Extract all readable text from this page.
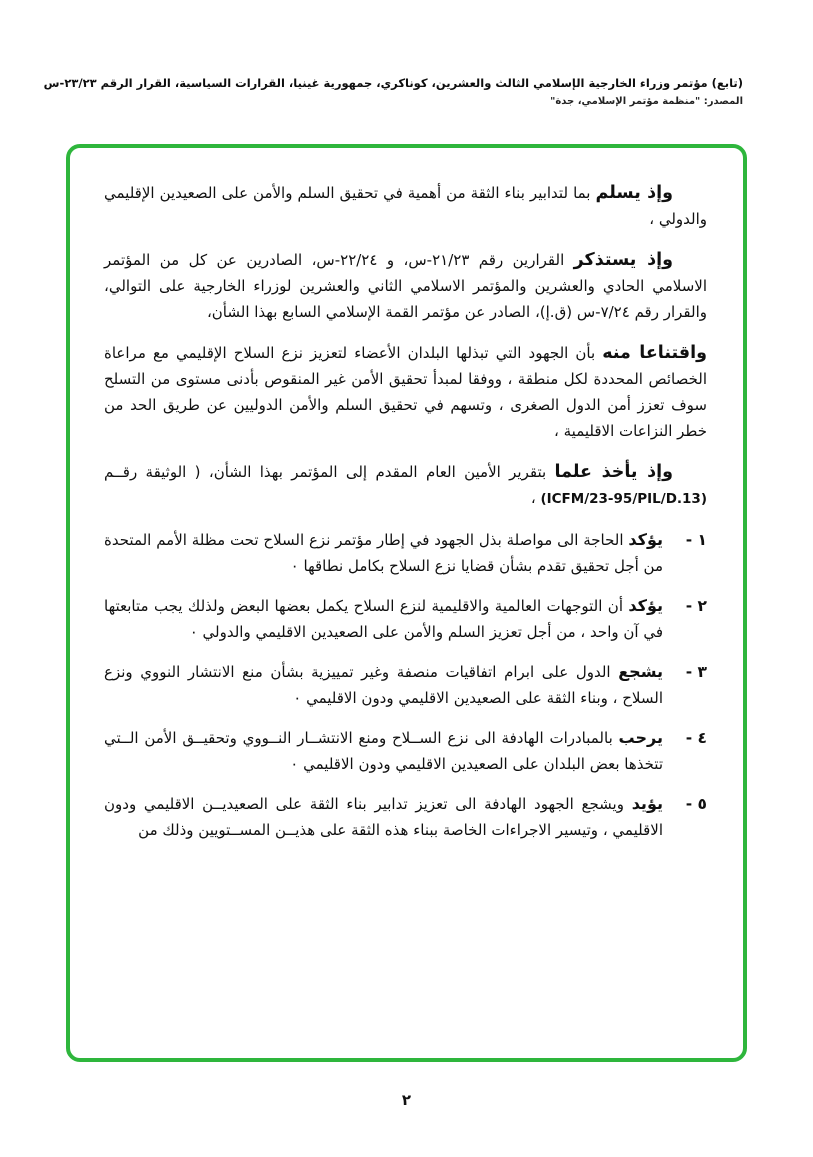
(تابع) مؤتمر وزراء الخارجية الإسلامي الثالث والعشرين، كوناكري، جمهورية غينيا، القرارات السياسية، القرار الرقم ٢٣/٢٣-س
المصدر: "منظمة مؤتمر الإسلامي، جدة"

وإذ يسلم بما لتدابير بناء الثقة من أهمية في تحقيق السلم والأمن على الصعيدين الإقليمي والدولي ،

وإذ يستذكر القرارين رقم ٢١/٢٣-س، و ٢٢/٢٤-س، الصادرين عن كل من المؤتمر الاسلامي الحادي والعشرين والمؤتمر الاسلامي الثاني والعشرين لوزراء الخارجية على التوالي، والقرار رقم ٧/٢٤-س (ق.إ)، الصادر عن مؤتمر القمة الإسلامي السابع بهذا الشأن،

واقتناعا منه بأن الجهود التي تبذلها البلدان الأعضاء لتعزيز نزع السلاح الإقليمي مع مراعاة الخصائص المحددة لكل منطقة ، ووفقا لمبدأ تحقيق الأمن غير المنقوص بأدنى مستوى من التسلح سوف تعزز أمن الدول الصغرى ، وتسهم في تحقيق السلم والأمن الدوليين عن طريق الحد من خطر النزاعات الاقليمية ،

وإذ يأخذ علما بتقرير الأمين العام المقدم إلى المؤتمر بهذا الشأن، ( الوثيقة رقــم (ICFM/23-95/PIL/D.13) ،

١ -
يؤكد الحاجة الى مواصلة بذل الجهود في إطار مؤتمر نزع السلاح تحت مظلة الأمم المتحدة من أجل تحقيق تقدم بشأن قضايا نزع السلاح بكامل نطاقها ٠
٢ -
يؤكد أن التوجهات العالمية والاقليمية لنزع السلاح يكمل بعضها البعض ولذلك يجب متابعتها في آن واحد ، من أجل تعزيز السلم والأمن على الصعيدين الاقليمي والدولي ٠
٣ -
يشجع الدول على ابرام اتفاقيات منصفة وغير تمييزية بشأن منع الانتشار النووي ونزع السلاح ، وبناء الثقة على الصعيدين الاقليمي ودون الاقليمي ٠
٤ -
يرحب بالمبادرات الهادفة الى نزع الســلاح ومنع الانتشــار النــووي وتحقيــق الأمن الــتي تتخذها بعض البلدان على الصعيدين الاقليمي ودون الاقليمي ٠
٥ -
يؤيد ويشجع الجهود الهادفة الى تعزيز تدابير بناء الثقة على الصعيديــن الاقليمي ودون الاقليمي ، وتيسير الاجراءات الخاصة ببناء هذه الثقة على هذيــن المســتويين وذلك من
٢
